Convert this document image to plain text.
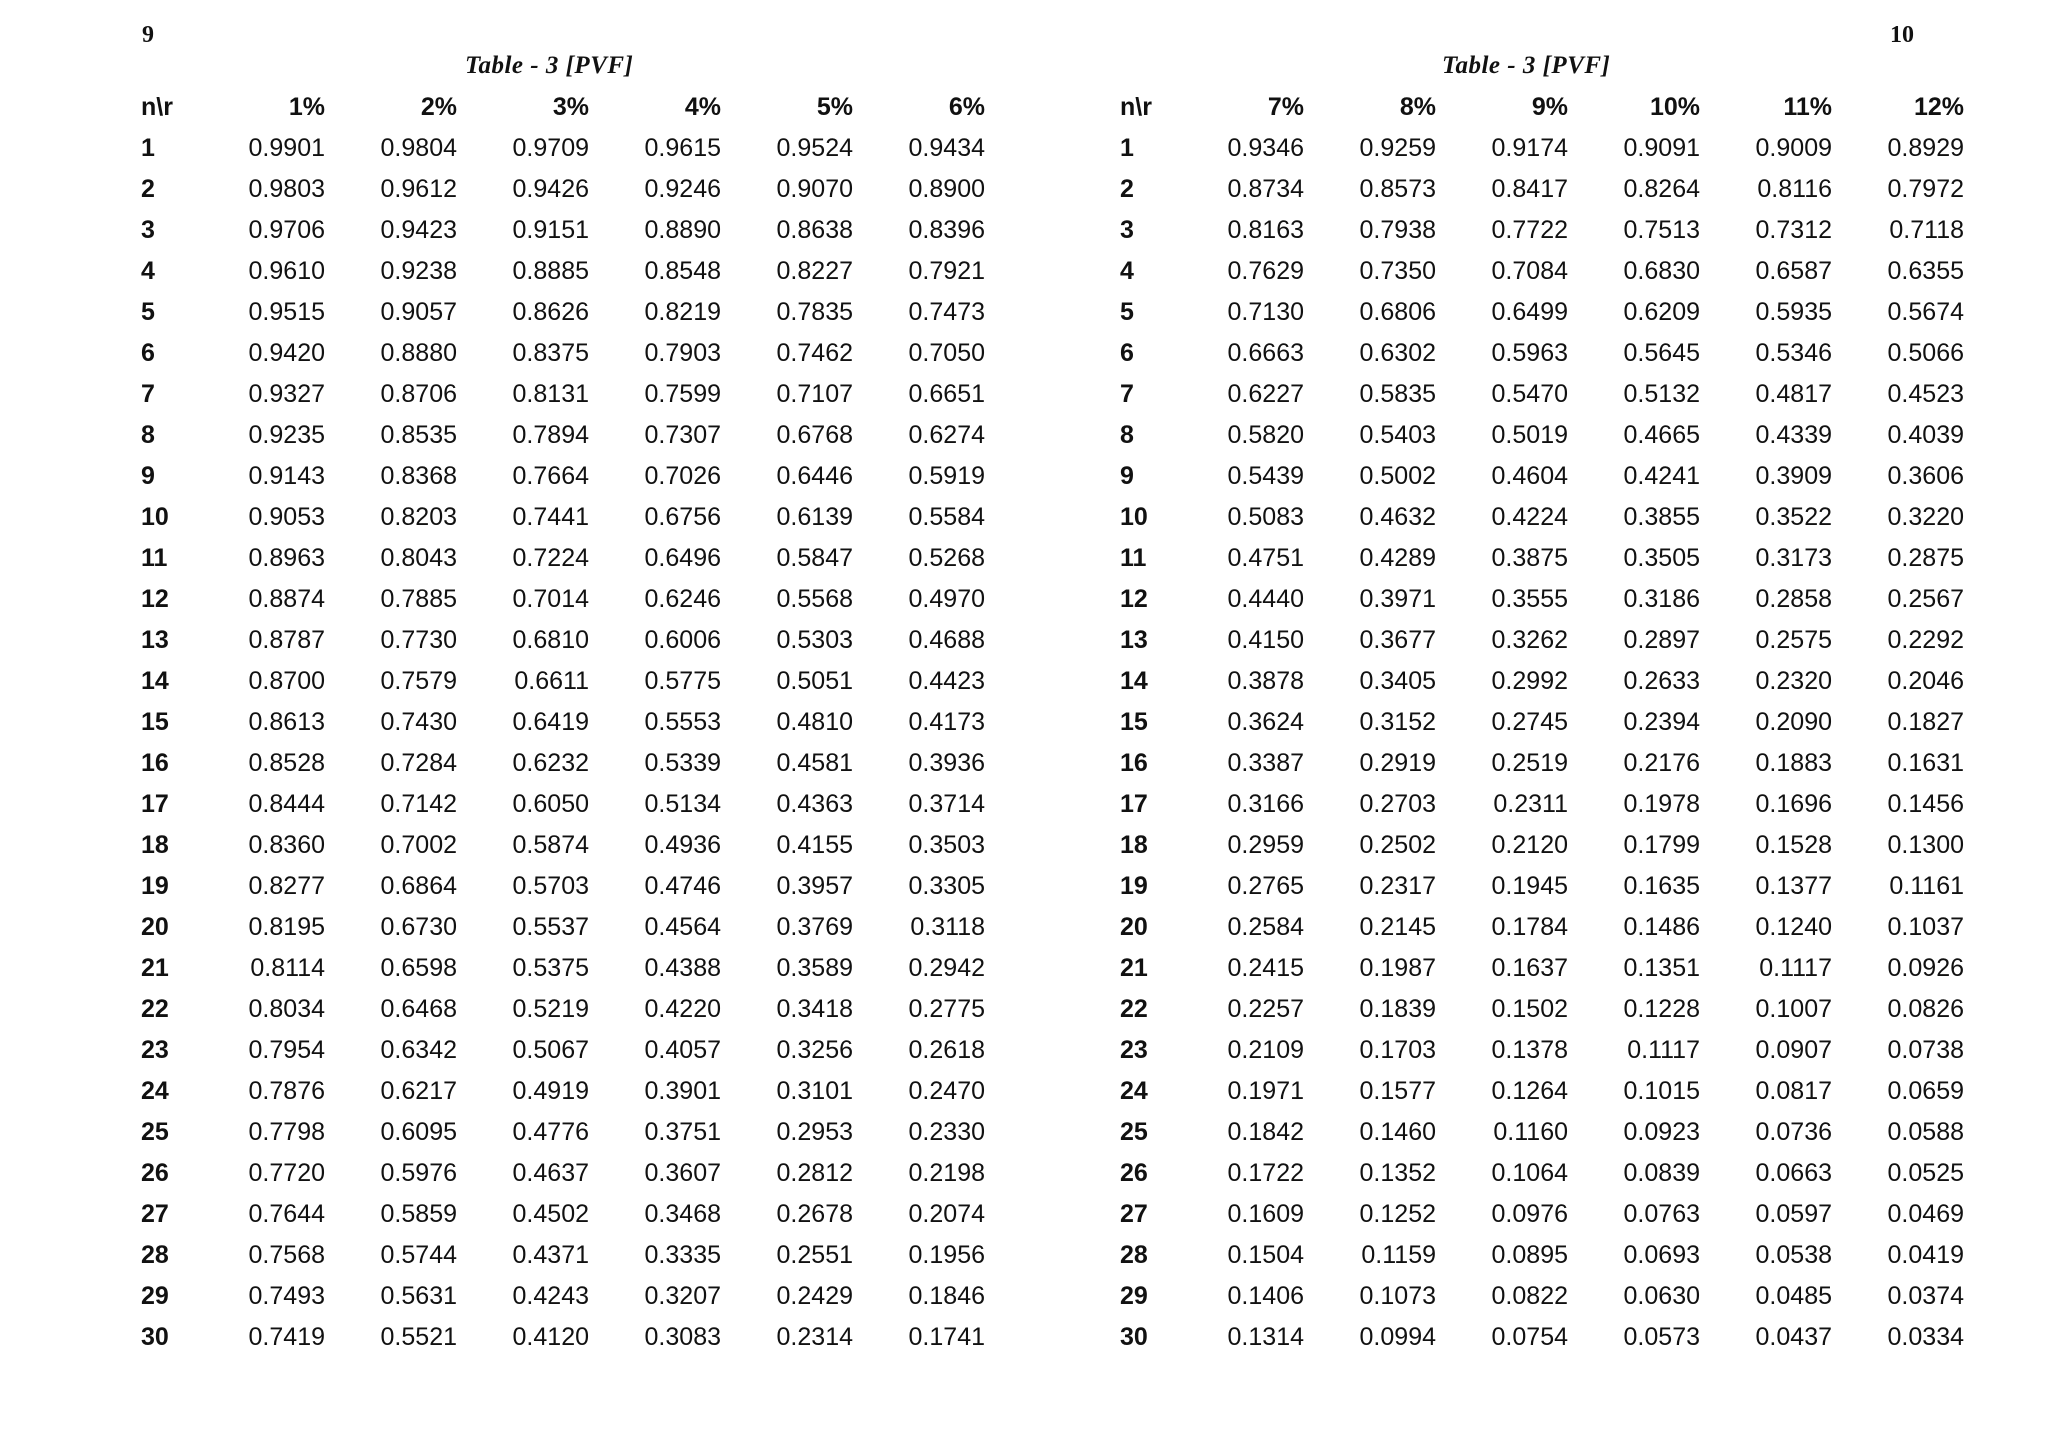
9	10
Table - 3 [PVF]	Table - 3 [PVF]
n\r	1%	2%	3%	4%	5%	6%
1	0.9901	0.9804	0.9709	0.9615	0.9524	0.9434
2	0.9803	0.9612	0.9426	0.9246	0.9070	0.8900
3	0.9706	0.9423	0.9151	0.8890	0.8638	0.8396
4	0.9610	0.9238	0.8885	0.8548	0.8227	0.7921
5	0.9515	0.9057	0.8626	0.8219	0.7835	0.7473
6	0.9420	0.8880	0.8375	0.7903	0.7462	0.7050
7	0.9327	0.8706	0.8131	0.7599	0.7107	0.6651
8	0.9235	0.8535	0.7894	0.7307	0.6768	0.6274
9	0.9143	0.8368	0.7664	0.7026	0.6446	0.5919
10	0.9053	0.8203	0.7441	0.6756	0.6139	0.5584
11	0.8963	0.8043	0.7224	0.6496	0.5847	0.5268
12	0.8874	0.7885	0.7014	0.6246	0.5568	0.4970
13	0.8787	0.7730	0.6810	0.6006	0.5303	0.4688
14	0.8700	0.7579	0.6611	0.5775	0.5051	0.4423
15	0.8613	0.7430	0.6419	0.5553	0.4810	0.4173
16	0.8528	0.7284	0.6232	0.5339	0.4581	0.3936
17	0.8444	0.7142	0.6050	0.5134	0.4363	0.3714
18	0.8360	0.7002	0.5874	0.4936	0.4155	0.3503
19	0.8277	0.6864	0.5703	0.4746	0.3957	0.3305
20	0.8195	0.6730	0.5537	0.4564	0.3769	0.3118
21	0.8114	0.6598	0.5375	0.4388	0.3589	0.2942
22	0.8034	0.6468	0.5219	0.4220	0.3418	0.2775
23	0.7954	0.6342	0.5067	0.4057	0.3256	0.2618
24	0.7876	0.6217	0.4919	0.3901	0.3101	0.2470
25	0.7798	0.6095	0.4776	0.3751	0.2953	0.2330
26	0.7720	0.5976	0.4637	0.3607	0.2812	0.2198
27	0.7644	0.5859	0.4502	0.3468	0.2678	0.2074
28	0.7568	0.5744	0.4371	0.3335	0.2551	0.1956
29	0.7493	0.5631	0.4243	0.3207	0.2429	0.1846
30	0.7419	0.5521	0.4120	0.3083	0.2314	0.1741
n\r	7%	8%	9%	10%	11%	12%
1	0.9346	0.9259	0.9174	0.9091	0.9009	0.8929
2	0.8734	0.8573	0.8417	0.8264	0.8116	0.7972
3	0.8163	0.7938	0.7722	0.7513	0.7312	0.7118
4	0.7629	0.7350	0.7084	0.6830	0.6587	0.6355
5	0.7130	0.6806	0.6499	0.6209	0.5935	0.5674
6	0.6663	0.6302	0.5963	0.5645	0.5346	0.5066
7	0.6227	0.5835	0.5470	0.5132	0.4817	0.4523
8	0.5820	0.5403	0.5019	0.4665	0.4339	0.4039
9	0.5439	0.5002	0.4604	0.4241	0.3909	0.3606
10	0.5083	0.4632	0.4224	0.3855	0.3522	0.3220
11	0.4751	0.4289	0.3875	0.3505	0.3173	0.2875
12	0.4440	0.3971	0.3555	0.3186	0.2858	0.2567
13	0.4150	0.3677	0.3262	0.2897	0.2575	0.2292
14	0.3878	0.3405	0.2992	0.2633	0.2320	0.2046
15	0.3624	0.3152	0.2745	0.2394	0.2090	0.1827
16	0.3387	0.2919	0.2519	0.2176	0.1883	0.1631
17	0.3166	0.2703	0.2311	0.1978	0.1696	0.1456
18	0.2959	0.2502	0.2120	0.1799	0.1528	0.1300
19	0.2765	0.2317	0.1945	0.1635	0.1377	0.1161
20	0.2584	0.2145	0.1784	0.1486	0.1240	0.1037
21	0.2415	0.1987	0.1637	0.1351	0.1117	0.0926
22	0.2257	0.1839	0.1502	0.1228	0.1007	0.0826
23	0.2109	0.1703	0.1378	0.1117	0.0907	0.0738
24	0.1971	0.1577	0.1264	0.1015	0.0817	0.0659
25	0.1842	0.1460	0.1160	0.0923	0.0736	0.0588
26	0.1722	0.1352	0.1064	0.0839	0.0663	0.0525
27	0.1609	0.1252	0.0976	0.0763	0.0597	0.0469
28	0.1504	0.1159	0.0895	0.0693	0.0538	0.0419
29	0.1406	0.1073	0.0822	0.0630	0.0485	0.0374
30	0.1314	0.0994	0.0754	0.0573	0.0437	0.0334
